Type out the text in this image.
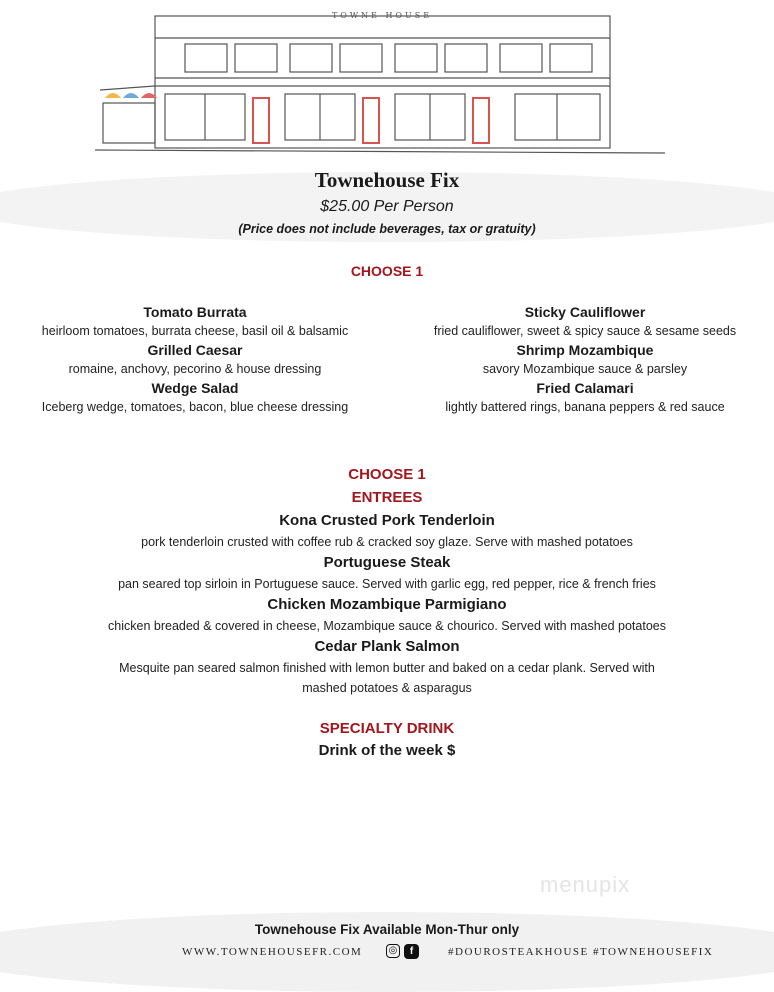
TOWNE HOUSE
Townehouse Fix
$25.00 Per Person
(Price does not include beverages, tax or gratuity)
CHOOSE 1
Tomato Burrata
heirloom tomatoes, burrata cheese, basil oil & balsamic
Grilled Caesar
romaine, anchovy, pecorino & house dressing
Wedge Salad
Iceberg wedge, tomatoes, bacon, blue cheese dressing
Sticky Cauliflower
fried cauliflower, sweet & spicy sauce & sesame seeds
Shrimp Mozambique
savory Mozambique sauce & parsley
Fried Calamari
lightly battered rings, banana peppers & red sauce
CHOOSE 1
ENTREES
Kona Crusted Pork Tenderloin
pork tenderloin crusted with coffee rub & cracked soy glaze. Serve with mashed potatoes
Portuguese Steak
pan seared top sirloin in Portuguese sauce. Served with garlic egg, red pepper, rice & french fries
Chicken Mozambique Parmigiano
chicken breaded & covered in cheese, Mozambique sauce & chourico. Served with mashed potatoes
Cedar Plank Salmon
Mesquite pan seared salmon finished with lemon butter and baked on a cedar plank. Served with
mashed potatoes & asparagus
SPECIALTY DRINK
Drink of the week $
menupix
Townehouse Fix Available Mon-Thur only
WWW.TOWNEHOUSEFR.COM	◎	f	#DOUROSTEAKHOUSE #TOWNEHOUSEFIX
